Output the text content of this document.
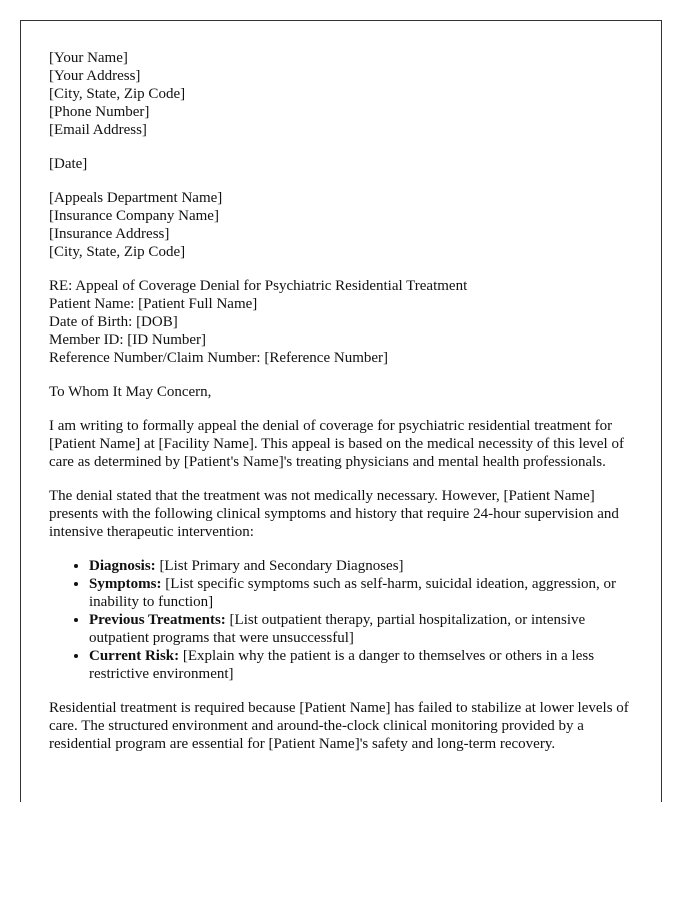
[Your Name]
[Your Address]
[City, State, Zip Code]
[Phone Number]
[Email Address]

[Date]

[Appeals Department Name]
[Insurance Company Name]
[Insurance Address]
[City, State, Zip Code]

RE: Appeal of Coverage Denial for Psychiatric Residential Treatment
Patient Name: [Patient Full Name]
Date of Birth: [DOB]
Member ID: [ID Number]
Reference Number/Claim Number: [Reference Number]

To Whom It May Concern,

I am writing to formally appeal the denial of coverage for psychiatric residential treatment for [Patient Name] at [Facility Name]. This appeal is based on the medical necessity of this level of care as determined by [Patient's Name]'s treating physicians and mental health professionals.

The denial stated that the treatment was not medically necessary. However, [Patient Name] presents with the following clinical symptoms and history that require 24-hour supervision and intensive therapeutic intervention:

• Diagnosis: [List Primary and Secondary Diagnoses]
• Symptoms: [List specific symptoms such as self-harm, suicidal ideation, aggression, or inability to function]
• Previous Treatments: [List outpatient therapy, partial hospitalization, or intensive outpatient programs that were unsuccessful]
• Current Risk: [Explain why the patient is a danger to themselves or others in a less restrictive environment]

Residential treatment is required because [Patient Name] has failed to stabilize at lower levels of care. The structured environment and around-the-clock clinical monitoring provided by a residential program are essential for [Patient Name]'s safety and long-term recovery.
